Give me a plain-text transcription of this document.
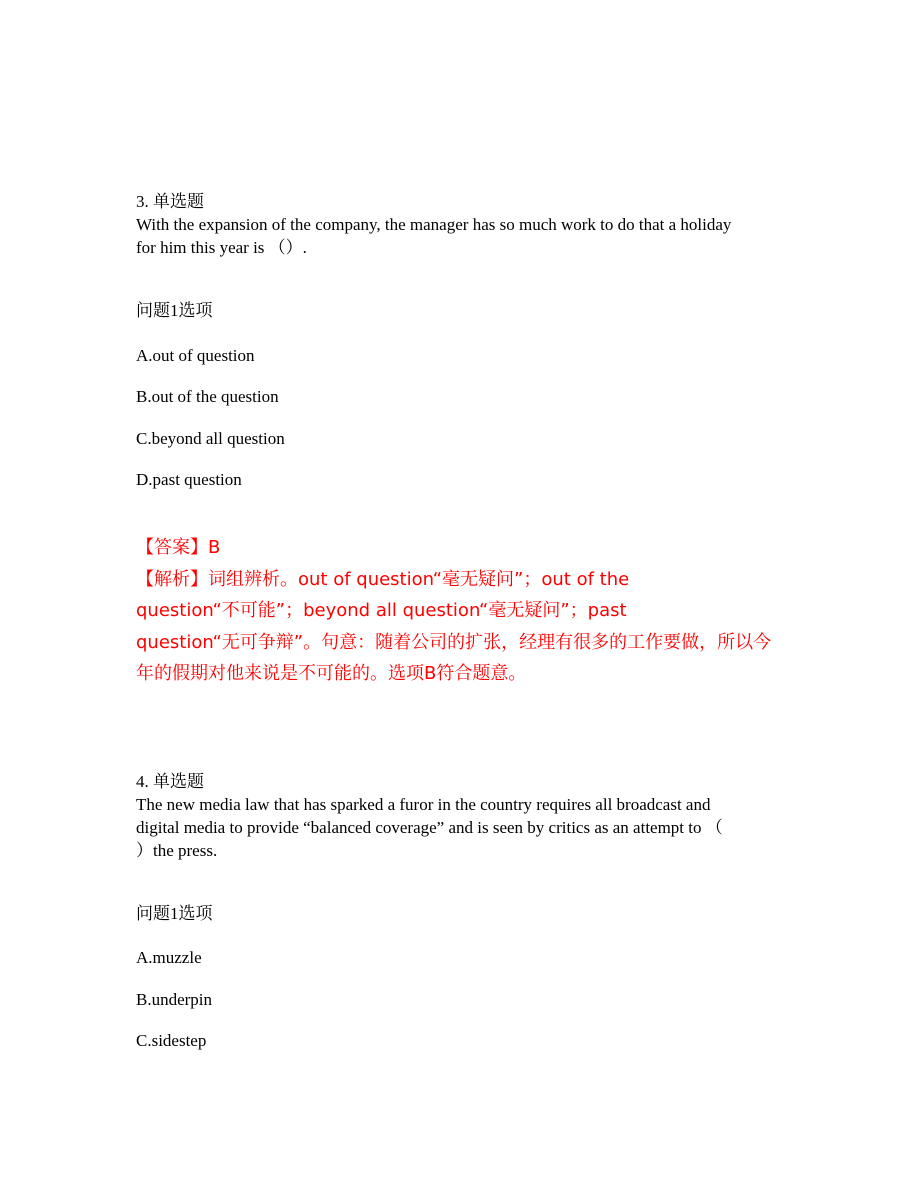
3. 单选题

With the expansion of the company, the manager has so much work to do that a holiday
for him this year is （）.

问题1选项

A.out of question

B.out of the question

C.beyond all question

D.past question

【答案】B

【解析】词组辨析。out of question“毫无疑问”；out of the
question“不可能”；beyond all question“毫无疑问”；past
question“无可争辩”。句意：随着公司的扩张，经理有很多的工作要做，所以今
年的假期对他来说是不可能的。选项B符合题意。

4. 单选题

The new media law that has sparked a furor in the country requires all broadcast and
digital media to provide “balanced coverage” and is seen by critics as an attempt to （
）the press.

问题1选项

A.muzzle

B.underpin

C.sidestep
